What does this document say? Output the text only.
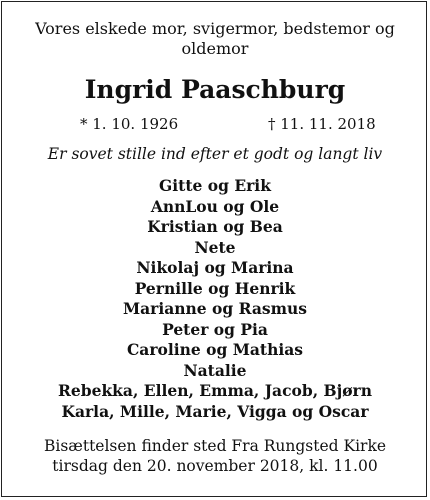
Vores elskede mor, svigermor, bedstemor og oldemor
Ingrid Paaschburg
* 1. 10. 1926	† 11. 11. 2018
Er sovet stille ind efter et godt og langt liv
Gitte og Erik
AnnLou og Ole
Kristian og Bea
Nete
Nikolaj og Marina
Pernille og Henrik
Marianne og Rasmus
Peter og Pia
Caroline og Mathias
Natalie
Rebekka, Ellen, Emma, Jacob, Bjørn
Karla, Mille, Marie, Vigga og Oscar
Bisættelsen finder sted Fra Rungsted Kirke
tirsdag den 20. november 2018, kl. 11.00
